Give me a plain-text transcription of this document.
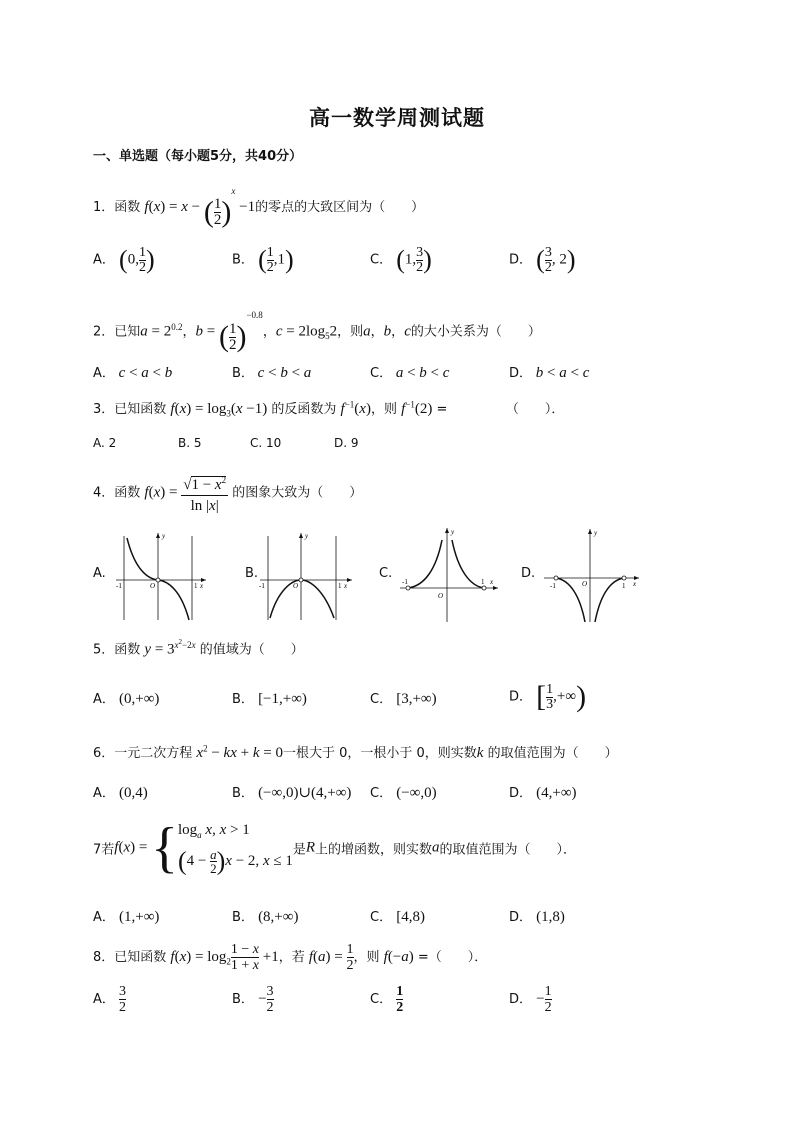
高一数学周测试题
一、单选题（每小题5分，共40分）
1．函数 f(x) = x − ( $\frac{1}{2} )^x -1$的零点的大致区间为（　　）
A． (0, $\frac{1}{2}$ )	B． ( $\frac{1}{2} ,1$)	C． (1, $\frac{3}{2}$ )	D． ( $\frac{3}{2}$ , 2)
2．已知$a = 2^{0.2}$，b = ( $\frac{1}{2} )^{-0.8}$，$c = 2\log_52$，则a，b，c的大小关系为（　　）
A． c < a < b	B． c < b < a	C． a < b < c	D． b < a < c
3．已知函数 $f(x) = \log_3(x -1)$ 的反函数为 $f^{-1}(x)$，则 $f^{-1}(2)$ =　　　　　（　　）．
A. 2	B. 5	C. 10	D. 9
4．函数 $f(x) = \frac{√1 - x^2}{\ln |x|}$ 的图象大致为（　　）
A.	B.	C.	D.
y
x
O
-1	1
y
x
O
-1	1
y
x
O
-1	1
y
x
O
-1	1
5．函数 $y = 3^{x^2-2x}$ 的值域为（　　）
A． (0,+∞)	B． [−1,+∞)	C． [3,+∞)	D． [ $\frac{1}{3}$ ,+∞)
6．一元二次方程 $x^2$ − kx + k = 0一根大于 0，一根小于 0，则实数k 的取值范围为（　　）
A． (0,4)	B． (−∞,0)∪(4,+∞) C． (−∞,0)	D． (4,+∞)
7若f(x) = { $\log_a x$, x > 1
$(4 - \frac{a}{2} )x - 2$, x ≤ 1
是R上的增函数，则实数a的取值范围为（　　）．
A． (1,+∞)	B． (8,+∞)	C． [4,8)	D． (1,8)
8．已知函数 $f(x) = \log_2 \frac{1 - x}{1 + x} +1$，若 $f(a) = \frac{1}{2}$ ，则 f(−a) =（　　）．
A． $\frac{3}{2}$	B． − $\frac{3}{2}$	C． $\frac{1}{2}$	D． − $\frac{1}{2}$
